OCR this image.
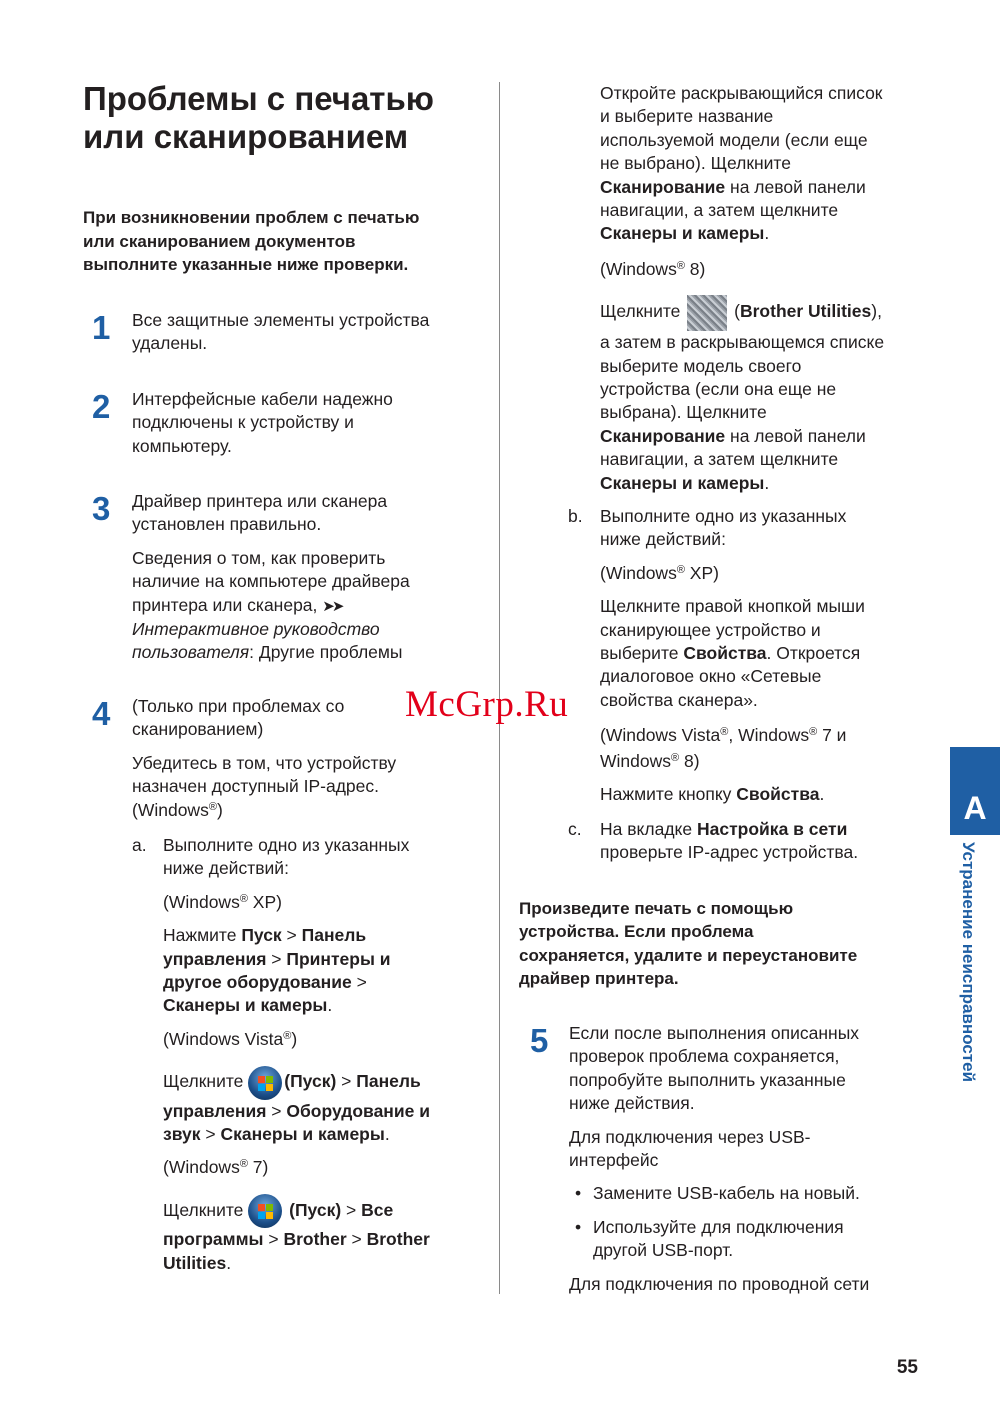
Проблемы с печатью
или сканированием
При возникновении проблем с печатью
или сканированием документов
выполните указанные ниже проверки.
1 Все защитные элементы устройства
удалены.
2 Интерфейсные кабели надежно
подключены к устройству и
компьютеру.
3 Драйвер принтера или сканера
установлен правильно.
Сведения о том, как проверить
наличие на компьютере драйвера
принтера или сканера, ➤➤
Интерактивное руководство
пользователя: Другие проблемы
4 (Только при проблемах со
сканированием)
Убедитесь в том, что устройству
назначен доступный IP-адрес.
(Windows®)
a. Выполните одно из указанных
ниже действий:
(Windows® XP)
Нажмите Пуск > Панель
управления > Принтеры и
другое оборудование >
Сканеры и камеры.
(Windows Vista®)
Щелкните
(Пуск) > Панель
управления > Оборудование и
звук > Сканеры и камеры.
(Windows® 7)
Щелкните
(Пуск) > Все
программы > Brother > Brother
Utilities.
Откройте раскрывающийся список
и выберите название
используемой модели (если еще
не выбрано). Щелкните
Сканирование на левой панели
навигации, а затем щелкните
Сканеры и камеры.
(Windows® 8)
Щелкните	(Brother Utilities),
а затем в раскрывающемся списке
выберите модель своего
устройства (если она еще не
выбрана). Щелкните
Сканирование на левой панели
навигации, а затем щелкните
Сканеры и камеры.
b. Выполните одно из указанных
ниже действий:
(Windows® XP)
Щелкните правой кнопкой мыши
сканирующее устройство и
выберите Свойства. Откроется
диалоговое окно «Сетевые
свойства сканера».
(Windows Vista®, Windows® 7 и
Windows® 8)
Нажмите кнопку Свойства.
c. На вкладке Настройка в сети
проверьте IP-адрес устройства.
Произведите печать с помощью
устройства. Если проблема
сохраняется, удалите и переустановите
драйвер принтера.
5 Если после выполнения описанных
проверок проблема сохраняется,
попробуйте выполнить указанные
ниже действия.
Для подключения через USB-
интерфейс
• Замените USB-кабель на новый.
• Используйте для подключения
другой USB-порт.
Для подключения по проводной сети
A
Устранение неисправностей
McGrp.Ru
55
